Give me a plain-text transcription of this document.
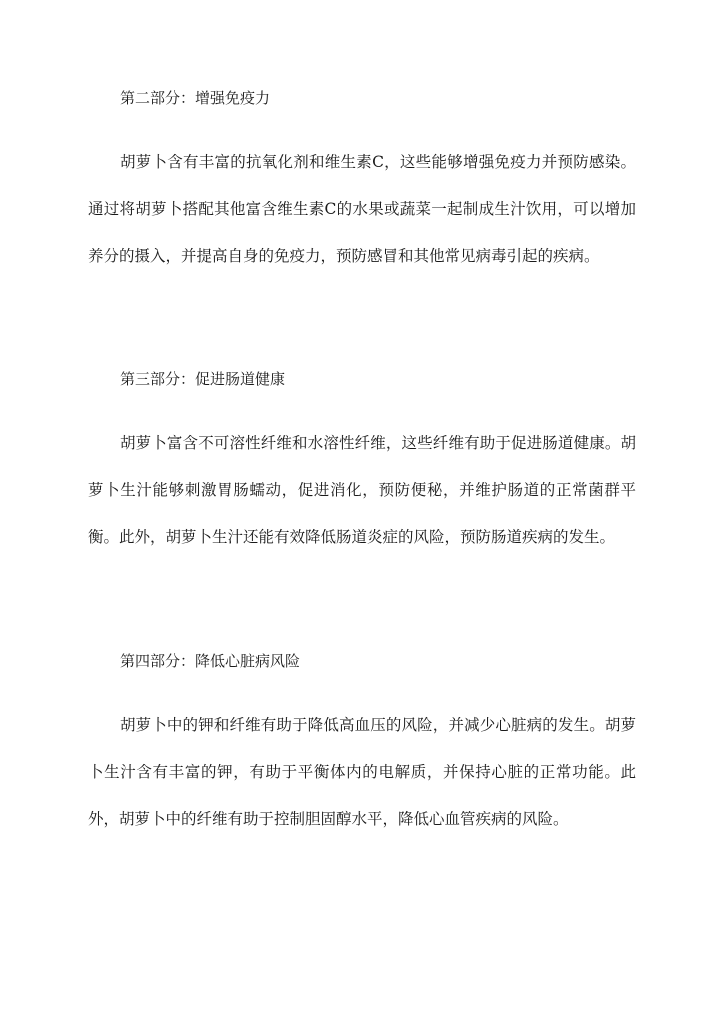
第二部分：增强免疫力

胡萝卜含有丰富的抗氧化剂和维生素C，这些能够增强免疫力并预防感染。通过将胡萝卜搭配其他富含维生素C的水果或蔬菜一起制成生汁饮用，可以增加养分的摄入，并提高自身的免疫力，预防感冒和其他常见病毒引起的疾病。

第三部分：促进肠道健康

胡萝卜富含不可溶性纤维和水溶性纤维，这些纤维有助于促进肠道健康。胡萝卜生汁能够刺激胃肠蠕动，促进消化，预防便秘，并维护肠道的正常菌群平衡。此外，胡萝卜生汁还能有效降低肠道炎症的风险，预防肠道疾病的发生。

第四部分：降低心脏病风险

胡萝卜中的钾和纤维有助于降低高血压的风险，并减少心脏病的发生。胡萝卜生汁含有丰富的钾，有助于平衡体内的电解质，并保持心脏的正常功能。此外，胡萝卜中的纤维有助于控制胆固醇水平，降低心血管疾病的风险。
